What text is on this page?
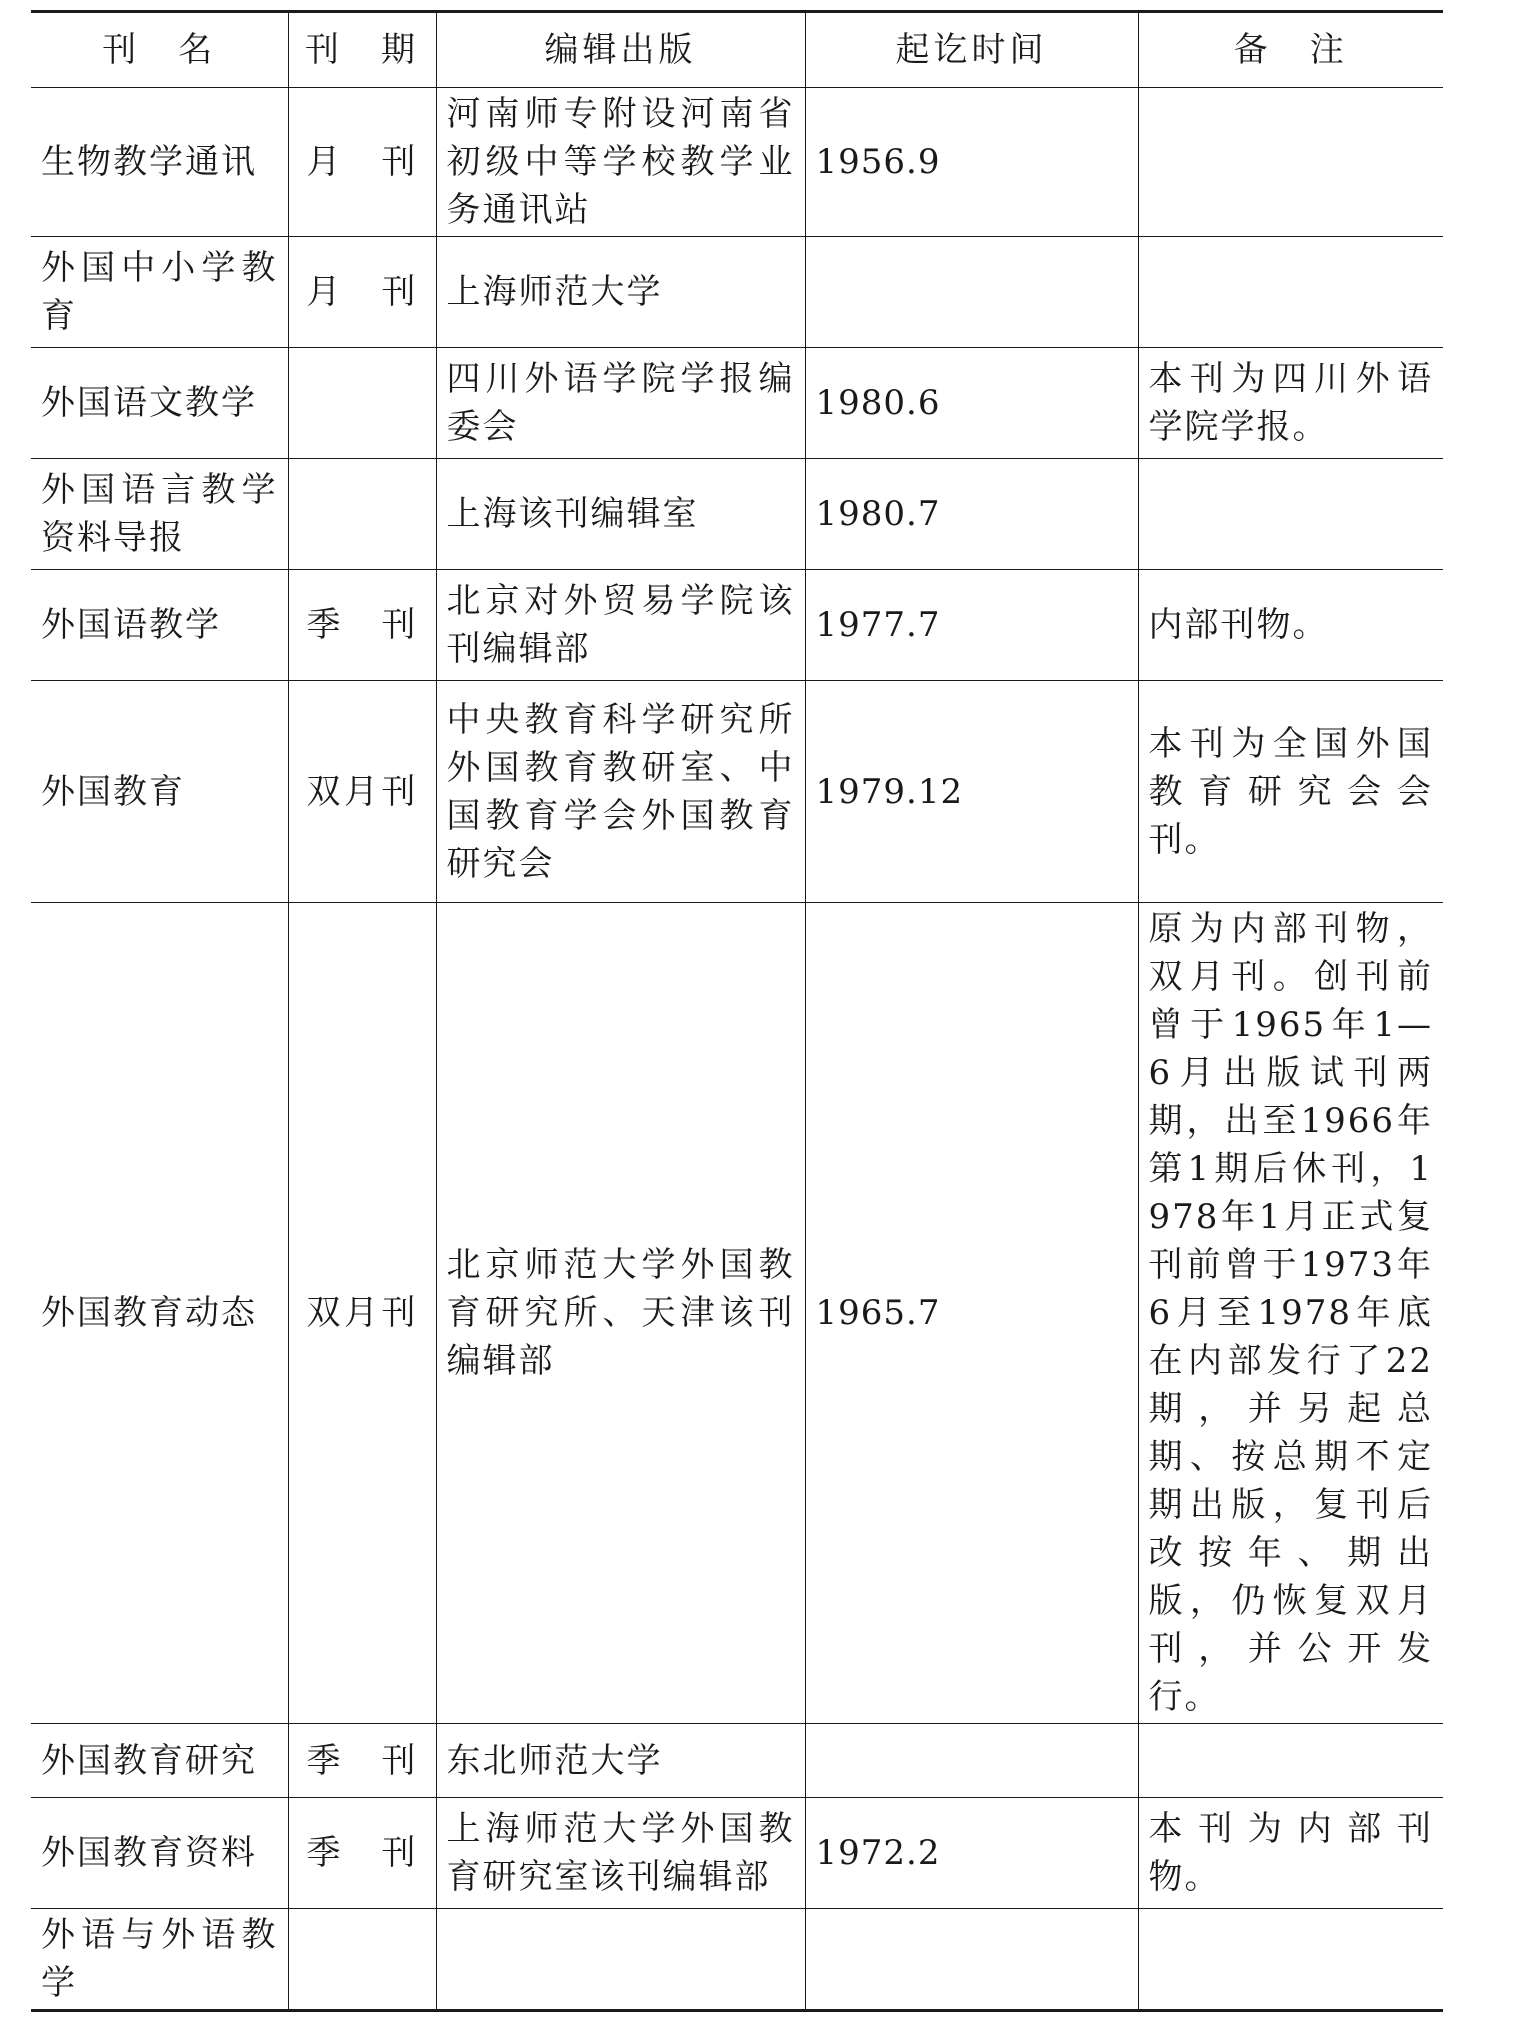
刊　名	刊　期	编辑出版	起讫时间	备　注
生物教学通讯	月刊	河南师专附设河南省初级中等学校教学业务通讯站	1956.9	
外国中小学教育	月刊	上海师范大学		
外国语文教学		四川外语学院学报编委会	1980.6	本刊为四川外语学院学报。
外国语言教学资料导报		上海该刊编辑室	1980.7	
外国语教学	季刊	北京对外贸易学院该刊编辑部	1977.7	内部刊物。
外国教育	双月刊	中央教育科学研究所外国教育教研室、中国教育学会外国教育研究会	1979.12	本刊为全国外国教育研究会会刊。
外国教育动态	双月刊	北京师范大学外国教育研究所、天津该刊编辑部	1965.7	原为内部刊物，双月刊。创刊前曾于1965年1—6月出版试刊两期，出至1966年第1期后休刊，1978年1月正式复刊前曾于1973年6月至1978年底在内部发行了22期，并另起总期、按总期不定期出版，复刊后改按年、期出版，仍恢复双月刊，并公开发行。
外国教育研究	季刊	东北师范大学		
外国教育资料	季刊	上海师范大学外国教育研究室该刊编辑部	1972.2	本刊为内部刊物。
外语与外语教学				
